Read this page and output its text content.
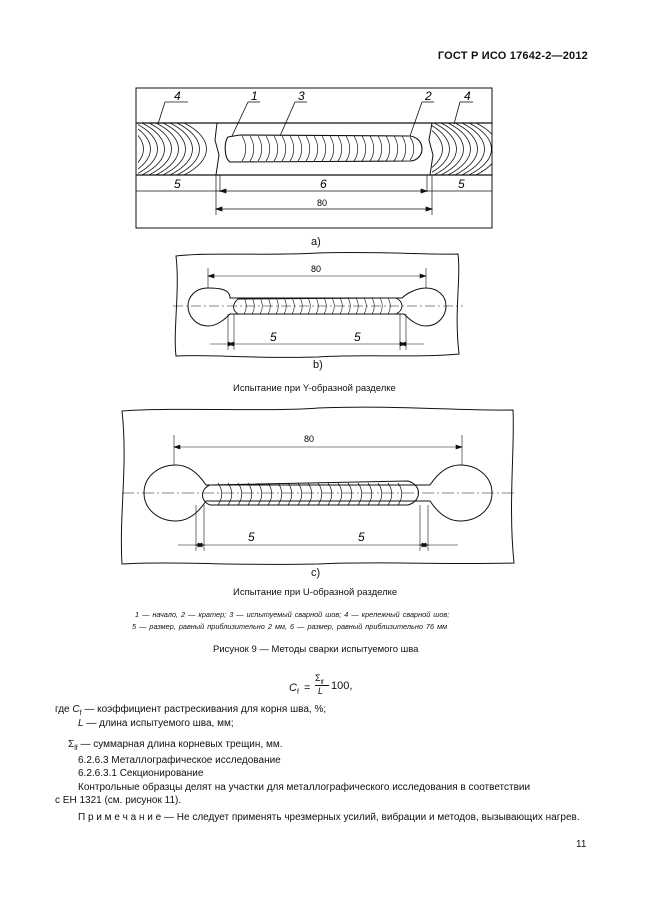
ГОСТ Р ИСО 17642-2—2012
4	1	3	2	4
5	6	5
80
a)
80
5	5
b)
Испытание при Y-образной разделке
80
5	5
c)
Испытание при U-образной разделке
1 — начало, 2 — кратер; 3 — испытуемый сварной шов; 4 — крепежный сварной шов;
5 — размер, равный приблизительно 2 мм, 6 — размер, равный приблизительно 76 мм
Рисунок 9 — Методы сварки испытуемого шва
$C_f$ =
$\Sigma_{lf}$
L 100,
где $C_f$ — коэффициент растрескивания для корня шва, %;
L — длина испытуемого шва, мм;
$\Sigma_{lf}$ — суммарная длина корневых трещин, мм.
6.2.6.3 Металлографическое исследование
6.2.6.3.1 Секционирование
Контрольные образцы делят на участки для металлографического исследования в соответствии
с ЕН 1321 (см. рисунок 11).
П р и м е ч а н и е — Не следует применять чрезмерных усилий, вибрации и методов, вызывающих нагрев.
11
